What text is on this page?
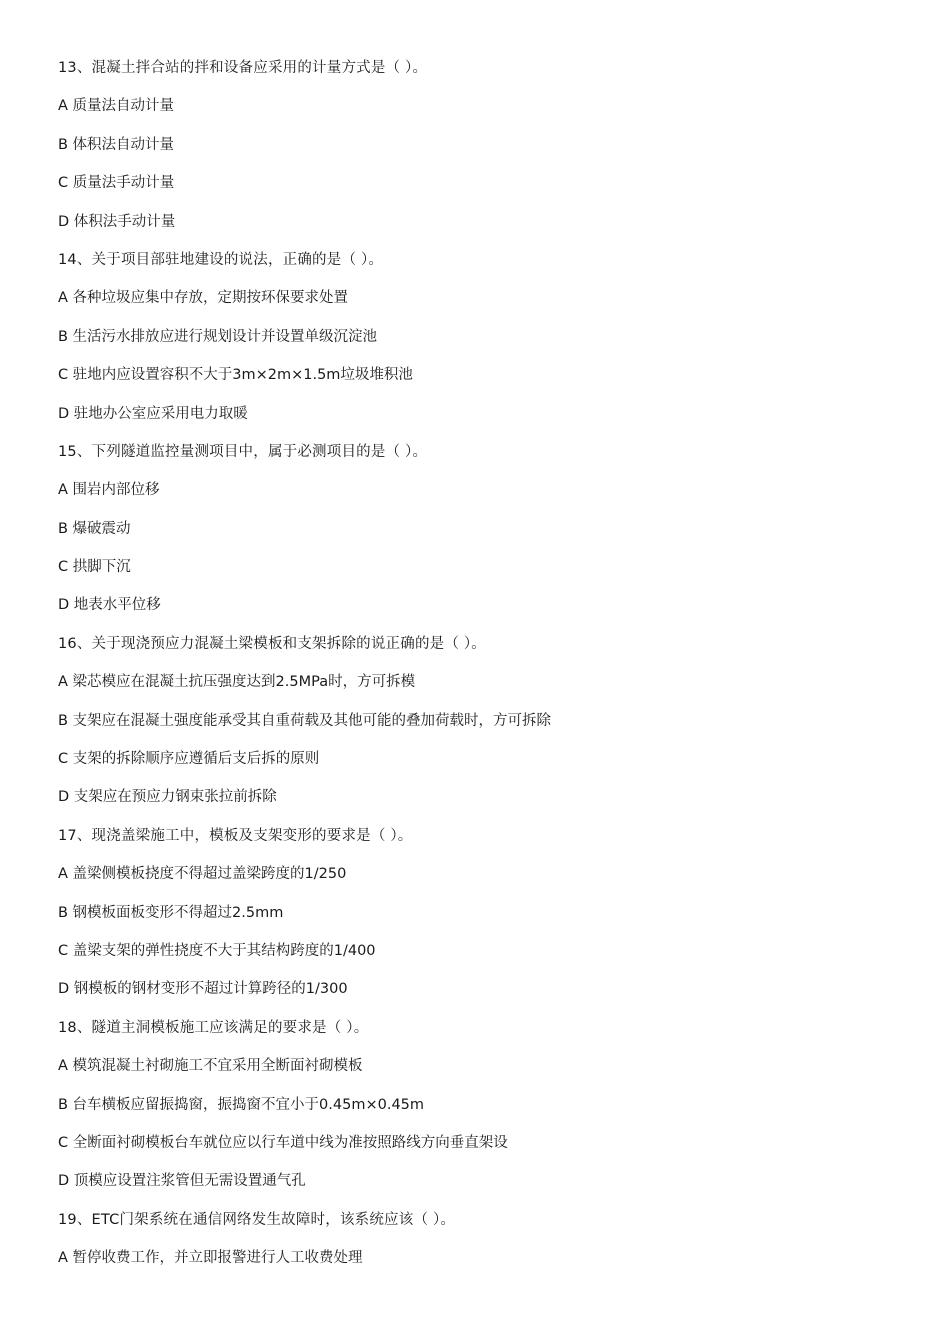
13、混凝土拌合站的拌和设备应采用的计量方式是（ ）。
A 质量法自动计量
B 体积法自动计量
C 质量法手动计量
D 体积法手动计量
14、关于项目部驻地建设的说法，正确的是（ ）。
A 各种垃圾应集中存放，定期按环保要求处置
B 生活污水排放应进行规划设计并设置单级沉淀池
C 驻地内应设置容积不大于3m×2m×1.5m垃圾堆积池
D 驻地办公室应采用电力取暖
15、下列隧道监控量测项目中，属于必测项目的是（ ）。
A 围岩内部位移
B 爆破震动
C 拱脚下沉
D 地表水平位移
16、关于现浇预应力混凝土梁模板和支架拆除的说正确的是（ ）。
A 梁芯模应在混凝土抗压强度达到2.5MPa时，方可拆模
B 支架应在混凝土强度能承受其自重荷载及其他可能的叠加荷载时，方可拆除
C 支架的拆除顺序应遵循后支后拆的原则
D 支架应在预应力钢束张拉前拆除
17、现浇盖梁施工中，模板及支架变形的要求是（ ）。
A 盖梁侧模板挠度不得超过盖梁跨度的1/250
B 钢模板面板变形不得超过2.5mm
C 盖梁支架的弹性挠度不大于其结构跨度的1/400
D 钢模板的钢材变形不超过计算跨径的1/300
18、隧道主洞模板施工应该满足的要求是（ ）。
A 模筑混凝土衬砌施工不宜采用全断面衬砌模板
B 台车横板应留振捣窗，振捣窗不宜小于0.45m×0.45m
C 全断面衬砌模板台车就位应以行车道中线为准按照路线方向垂直架设
D 顶模应设置注浆管但无需设置通气孔
19、ETC门架系统在通信网络发生故障时，该系统应该（ ）。
A 暂停收费工作，并立即报警进行人工收费处理
